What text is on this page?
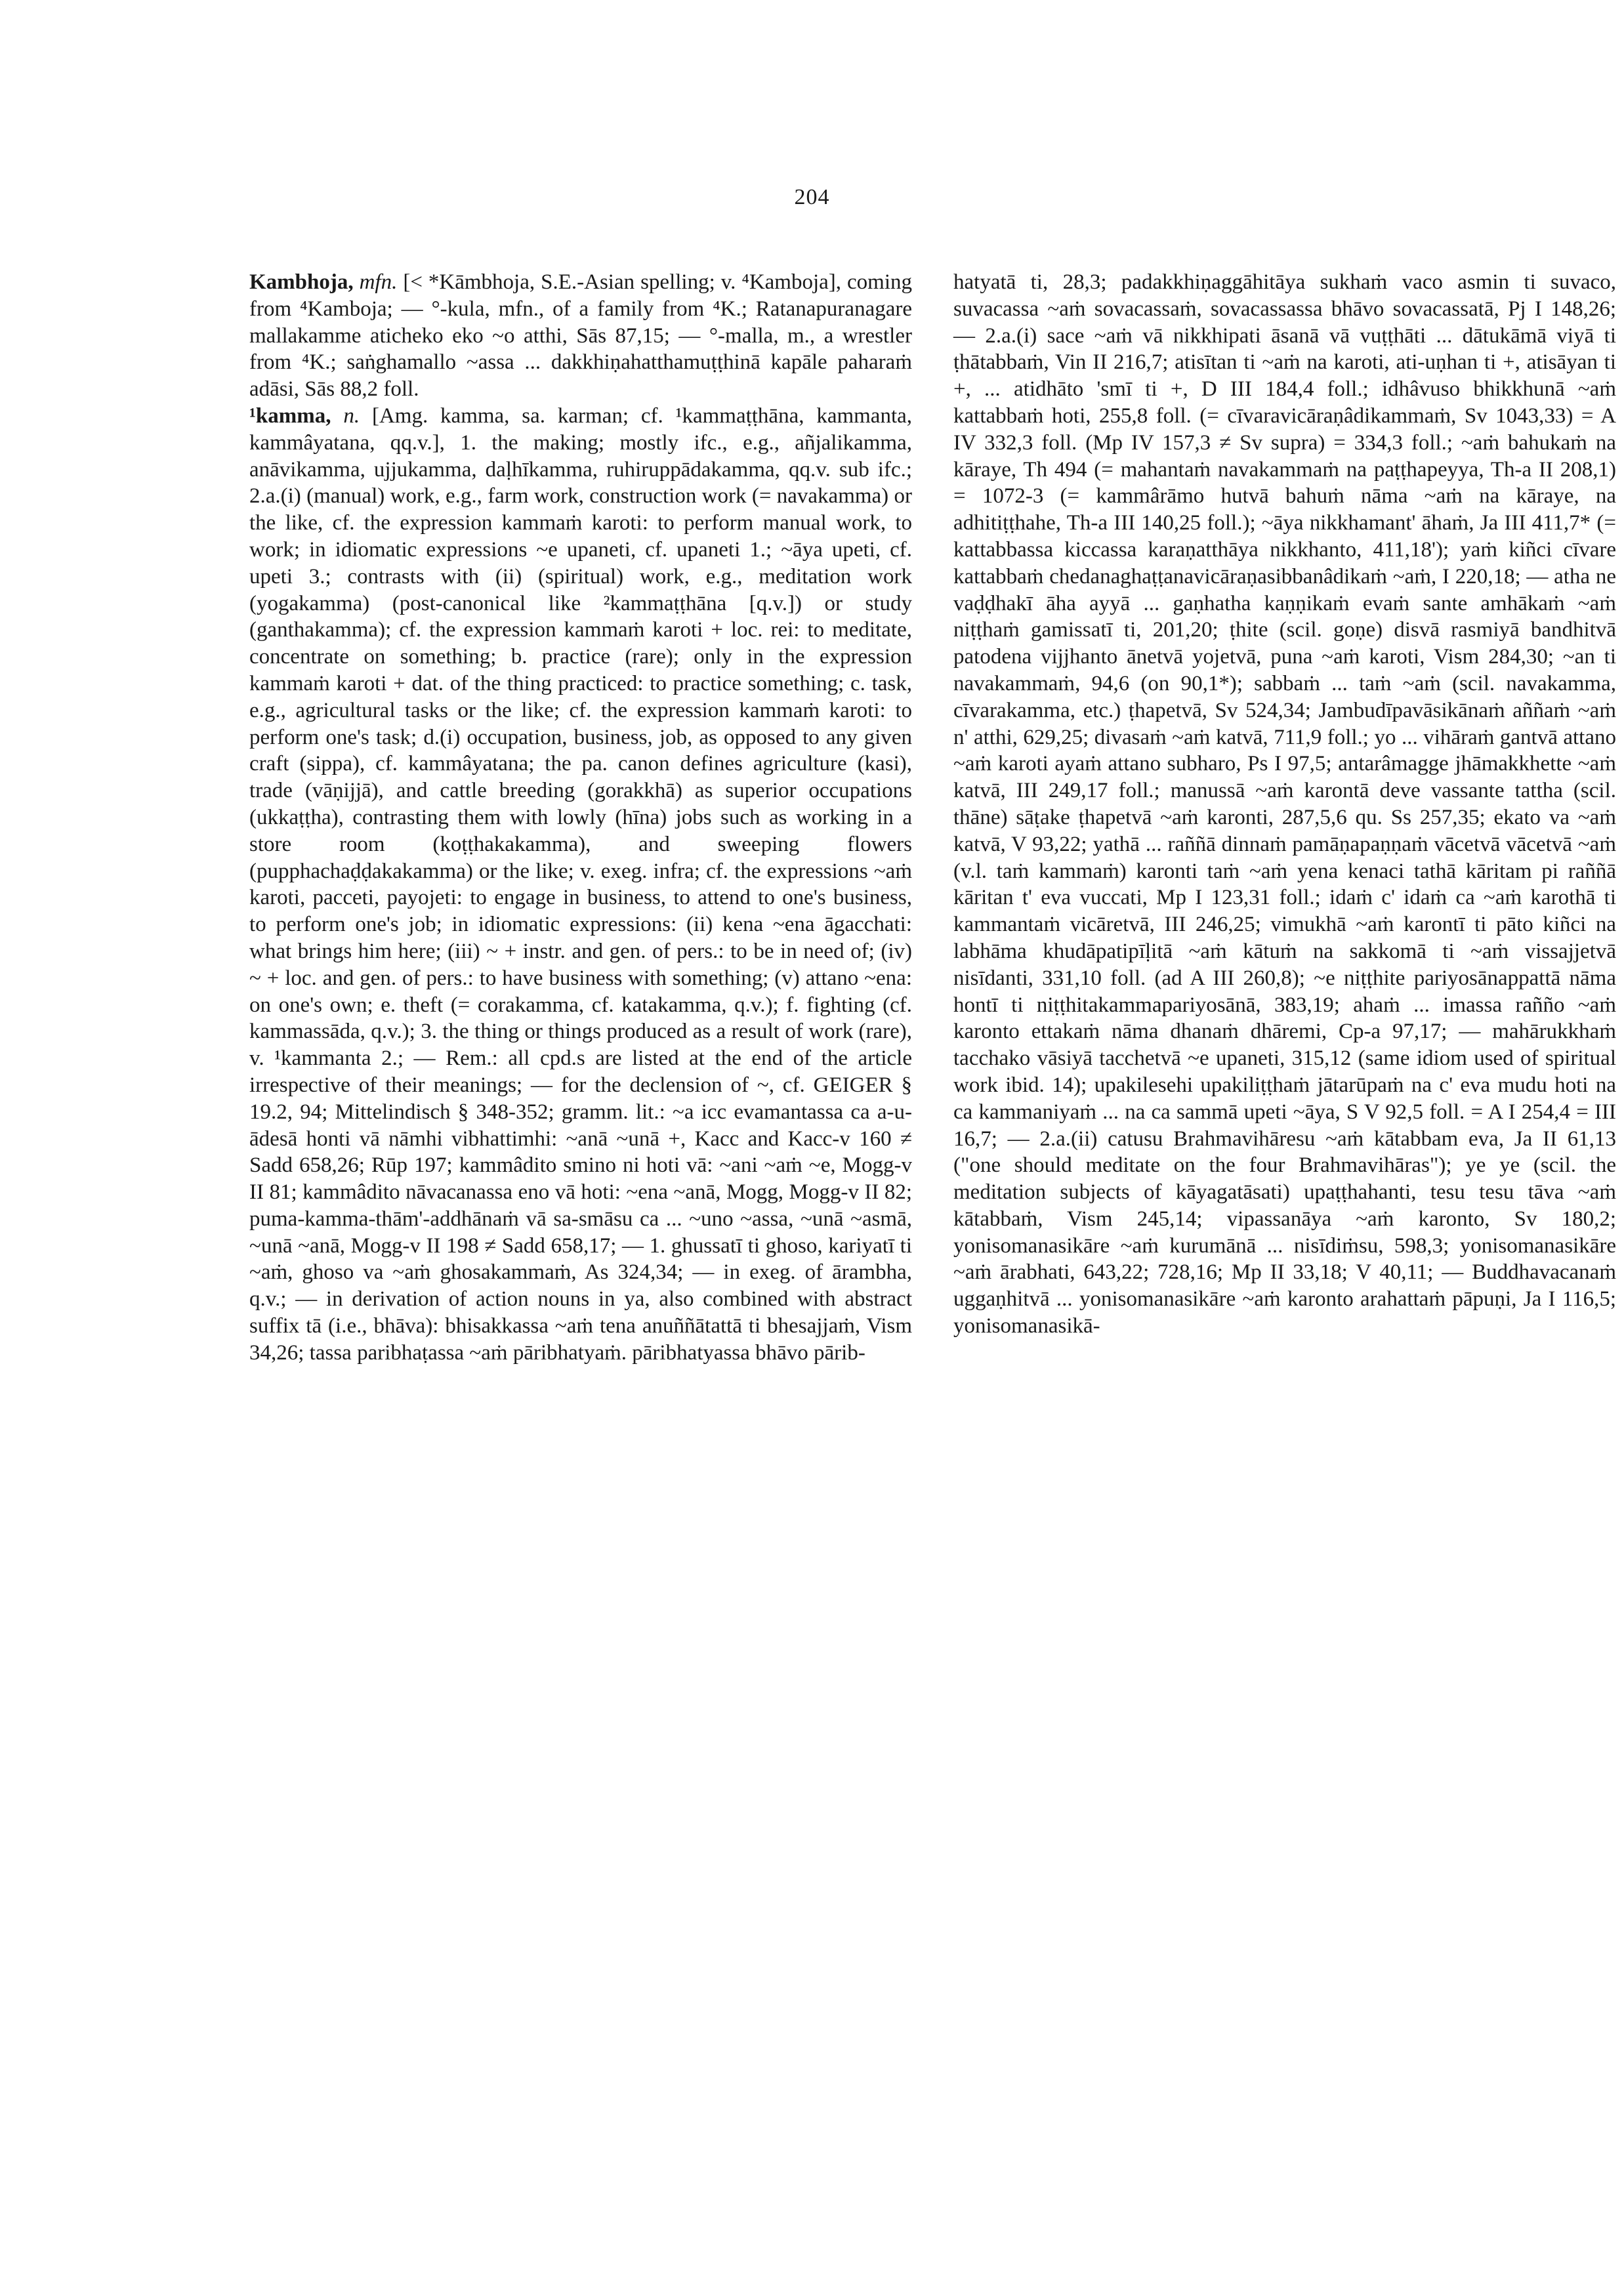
204

Kambhoja, mfn. [< *Kāmbhoja, S.E.-Asian spelling; v. ⁴Kamboja], coming from ⁴Kamboja; — °-kula, mfn., of a family from ⁴K.; Ratanapuranagare mallakamme aticheko eko ~o atthi, Sās 87,15; — °-malla, m., a wrestler from ⁴K.; saṅghamallo ~assa ... dakkhiṇahatthamuṭṭhinā kapāle paharaṁ adāsi, Sās 88,2 foll.

¹kamma, n. [Amg. kamma, sa. karman; cf. ¹kammaṭṭhāna, kammanta, kammâyatana, qq.v.], 1. the making; mostly ifc., e.g., añjalikamma, anāvikamma, ujjukamma, daḷhīkamma, ruhiruppādakamma, qq.v. sub ifc.; 2.a.(i) (manual) work, e.g., farm work, construction work (= navakamma) or the like, cf. the expression kammaṁ karoti: to perform manual work, to work; in idiomatic expressions ~e upaneti, cf. upaneti 1.; ~āya upeti, cf. upeti 3.; contrasts with (ii) (spiritual) work, e.g., meditation work (yogakamma) (post-canonical like ²kammaṭṭhāna [q.v.]) or study (ganthakamma); cf. the expression kammaṁ karoti + loc. rei: to meditate, concentrate on something; b. practice (rare); only in the expression kammaṁ karoti + dat. of the thing practiced: to practice something; c. task, e.g., agricultural tasks or the like; cf. the expression kammaṁ karoti: to perform one's task; d.(i) occupation, business, job, as opposed to any given craft (sippa), cf. kammâyatana; the pa. canon defines agriculture (kasi), trade (vāṇijjā), and cattle breeding (gorakkhā) as superior occupations (ukkaṭṭha), contrasting them with lowly (hīna) jobs such as working in a store room (koṭṭhakakamma), and sweeping flowers (pupphachaḍḍakakamma) or the like; v. exeg. infra; cf. the expressions ~aṁ karoti, pacceti, payojeti: to engage in business, to attend to one's business, to perform one's job; in idiomatic expressions: (ii) kena ~ena āgacchati: what brings him here; (iii) ~ + instr. and gen. of pers.: to be in need of; (iv) ~ + loc. and gen. of pers.: to have business with something; (v) attano ~ena: on one's own; e. theft (= corakamma, cf. katakamma, q.v.); f. fighting (cf. kammassāda, q.v.); 3. the thing or things produced as a result of work (rare), v. ¹kammanta 2.; — Rem.: all cpd.s are listed at the end of the article irrespective of their meanings; — for the declension of ~, cf. GEIGER § 19.2, 94; Mittelindisch § 348-352; gramm. lit.: ~a icc evamantassa ca a-u-ādesā honti vā nāmhi vibhattimhi: ~anā ~unā +, Kacc and Kacc-v 160 ≠ Sadd 658,26; Rūp 197; kammâdito smino ni hoti vā: ~ani ~aṁ ~e, Mogg-v II 81; kammâdito nāvacanassa eno vā hoti: ~ena ~anā, Mogg, Mogg-v II 82; puma-kamma-thām'-addhānaṁ vā sa-smāsu ca ... ~uno ~assa, ~unā ~asmā, ~unā ~anā, Mogg-v II 198 ≠ Sadd 658,17; — 1. ghussatī ti ghoso, kariyatī ti ~aṁ, ghoso va ~aṁ ghosakammaṁ, As 324,34; — in exeg. of ārambha, q.v.; — in derivation of action nouns in ya, also combined with abstract suffix tā (i.e., bhāva): bhisakkassa ~aṁ tena anuññātattā ti bhesajjaṁ, Vism 34,26; tassa paribhaṭassa ~aṁ pāribhatyaṁ. pāribhatyassa bhāvo pārib-

hatyatā ti, 28,3; padakkhiṇaggāhitāya sukhaṁ vaco asmin ti suvaco, suvacassa ~aṁ sovacassaṁ, sovacassassa bhāvo sovacassatā, Pj I 148,26; — 2.a.(i) sace ~aṁ vā nikkhipati āsanā vā vuṭṭhāti ... dātukāmā viyā ti ṭhātabbaṁ, Vin II 216,7; atisītan ti ~aṁ na karoti, ati-uṇhan ti +, atisāyan ti +, ... atidhāto 'smī ti +, D III 184,4 foll.; idhâvuso bhikkhunā ~aṁ kattabbaṁ hoti, 255,8 foll. (= cīvaravicāraṇâdikammaṁ, Sv 1043,33) = A IV 332,3 foll. (Mp IV 157,3 ≠ Sv supra) = 334,3 foll.; ~aṁ bahukaṁ na kāraye, Th 494 (= mahantaṁ navakammaṁ na paṭṭhapeyya, Th-a II 208,1) = 1072-3 (= kammârāmo hutvā bahuṁ nāma ~aṁ na kāraye, na adhitiṭṭhahe, Th-a III 140,25 foll.); ~āya nikkhamant' āhaṁ, Ja III 411,7* (= kattabbassa kiccassa karaṇatthāya nikkhanto, 411,18'); yaṁ kiñci cīvare kattabbaṁ chedanaghaṭṭanavicāraṇasibbanâdikaṁ ~aṁ, I 220,18; — atha ne vaḍḍhakī āha ayyā ... gaṇhatha kaṇṇikaṁ evaṁ sante amhākaṁ ~aṁ niṭṭhaṁ gamissatī ti, 201,20; ṭhite (scil. goṇe) disvā rasmiyā bandhitvā patodena vijjhanto ānetvā yojetvā, puna ~aṁ karoti, Vism 284,30; ~an ti navakammaṁ, 94,6 (on 90,1*); sabbaṁ ... taṁ ~aṁ (scil. navakamma, cīvarakamma, etc.) ṭhapetvā, Sv 524,34; Jambudīpavāsikānaṁ aññaṁ ~aṁ n' atthi, 629,25; divasaṁ ~aṁ katvā, 711,9 foll.; yo ... vihāraṁ gantvā attano ~aṁ karoti ayaṁ attano subharo, Ps I 97,5; antarâmagge jhāmakkhette ~aṁ katvā, III 249,17 foll.; manussā ~aṁ karontā deve vassante tattha (scil. thāne) sāṭake ṭhapetvā ~aṁ karonti, 287,5,6 qu. Ss 257,35; ekato va ~aṁ katvā, V 93,22; yathā ... raññā dinnaṁ pamāṇapaṇṇaṁ vācetvā vācetvā ~aṁ (v.l. taṁ kammaṁ) karonti taṁ ~aṁ yena kenaci tathā kāritam pi raññā kāritan t' eva vuccati, Mp I 123,31 foll.; idaṁ c' idaṁ ca ~aṁ karothā ti kammantaṁ vicāretvā, III 246,25; vimukhā ~aṁ karontī ti pāto kiñci na labhāma khudāpatipīḷitā ~aṁ kātuṁ na sakkomā ti ~aṁ vissajjetvā nisīdanti, 331,10 foll. (ad A III 260,8); ~e niṭṭhite pariyosānappattā nāma hontī ti niṭṭhitakammapariyosānā, 383,19; ahaṁ ... imassa rañño ~aṁ karonto ettakaṁ nāma dhanaṁ dhāremi, Cp-a 97,17; — mahārukkhaṁ tacchako vāsiyā tacchetvā ~e upaneti, 315,12 (same idiom used of spiritual work ibid. 14); upakilesehi upakiliṭṭhaṁ jātarūpaṁ na c' eva mudu hoti na ca kammaniyaṁ ... na ca sammā upeti ~āya, S V 92,5 foll. = A I 254,4 = III 16,7; — 2.a.(ii) catusu Brahmavihāresu ~aṁ kātabbam eva, Ja II 61,13 ("one should meditate on the four Brahmavihāras"); ye ye (scil. the meditation subjects of kāyagatāsati) upaṭṭhahanti, tesu tesu tāva ~aṁ kātabbaṁ, Vism 245,14; vipassanāya ~aṁ karonto, Sv 180,2; yonisomanasikāre ~aṁ kurumānā ... nisīdiṁsu, 598,3; yonisomanasikāre ~aṁ ārabhati, 643,22; 728,16; Mp II 33,18; V 40,11; — Buddhavacanaṁ uggaṇhitvā ... yonisomanasikāre ~aṁ karonto arahattaṁ pāpuṇi, Ja I 116,5; yonisomanasikā-
